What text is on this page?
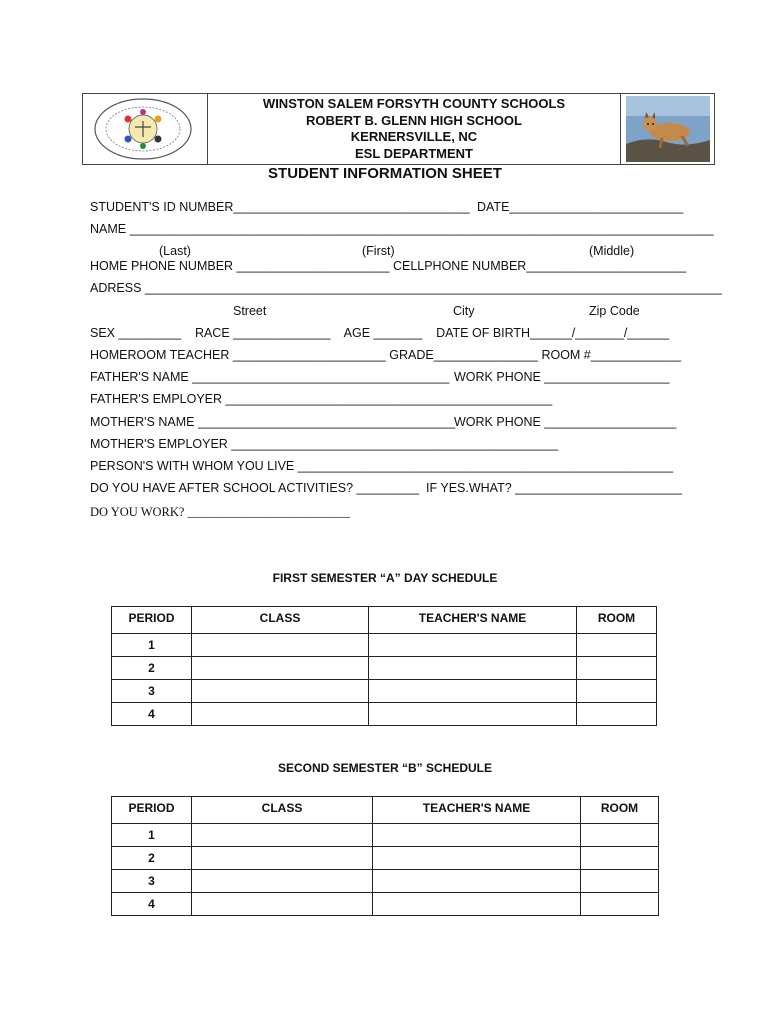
WINSTON SALEM FORSYTH COUNTY SCHOOLS
ROBERT B. GLENN HIGH SCHOOL
KERNERSVILLE, NC
ESL DEPARTMENT
STUDENT INFORMATION SHEET
STUDENT'S ID NUMBER__________________________________ DATE_________________________
NAME ____________________________________________________________________________________
(Last)	(First)	(Middle)
HOME PHONE NUMBER ______________________ CELLPHONE NUMBER_______________________
ADRESS ___________________________________________________________________________________
Street	City	Zip Code
SEX _________    RACE ______________    AGE _______    DATE OF BIRTH______/_______/______
HOMEROOM TEACHER ______________________ GRADE_______________ ROOM #_____________
FATHER'S NAME _____________________________________ WORK PHONE __________________
FATHER'S EMPLOYER _______________________________________________
MOTHER'S NAME _____________________________________
WORK PHONE ___________________
MOTHER'S EMPLOYER _______________________________________________
PERSON'S WITH WHOM YOU LIVE ______________________________________________________
DO YOU HAVE AFTER SCHOOL ACTIVITIES? _________  IF YES.WHAT? ________________________
DO YOU WORK? __________________________
FIRST SEMESTER “A” DAY SCHEDULE
PERIOD	CLASS	TEACHER'S NAME	ROOM
1			
2			
3			
4			
SECOND SEMESTER “B” SCHEDULE
PERIOD	CLASS	TEACHER'S NAME	ROOM
1			
2			
3			
4			
